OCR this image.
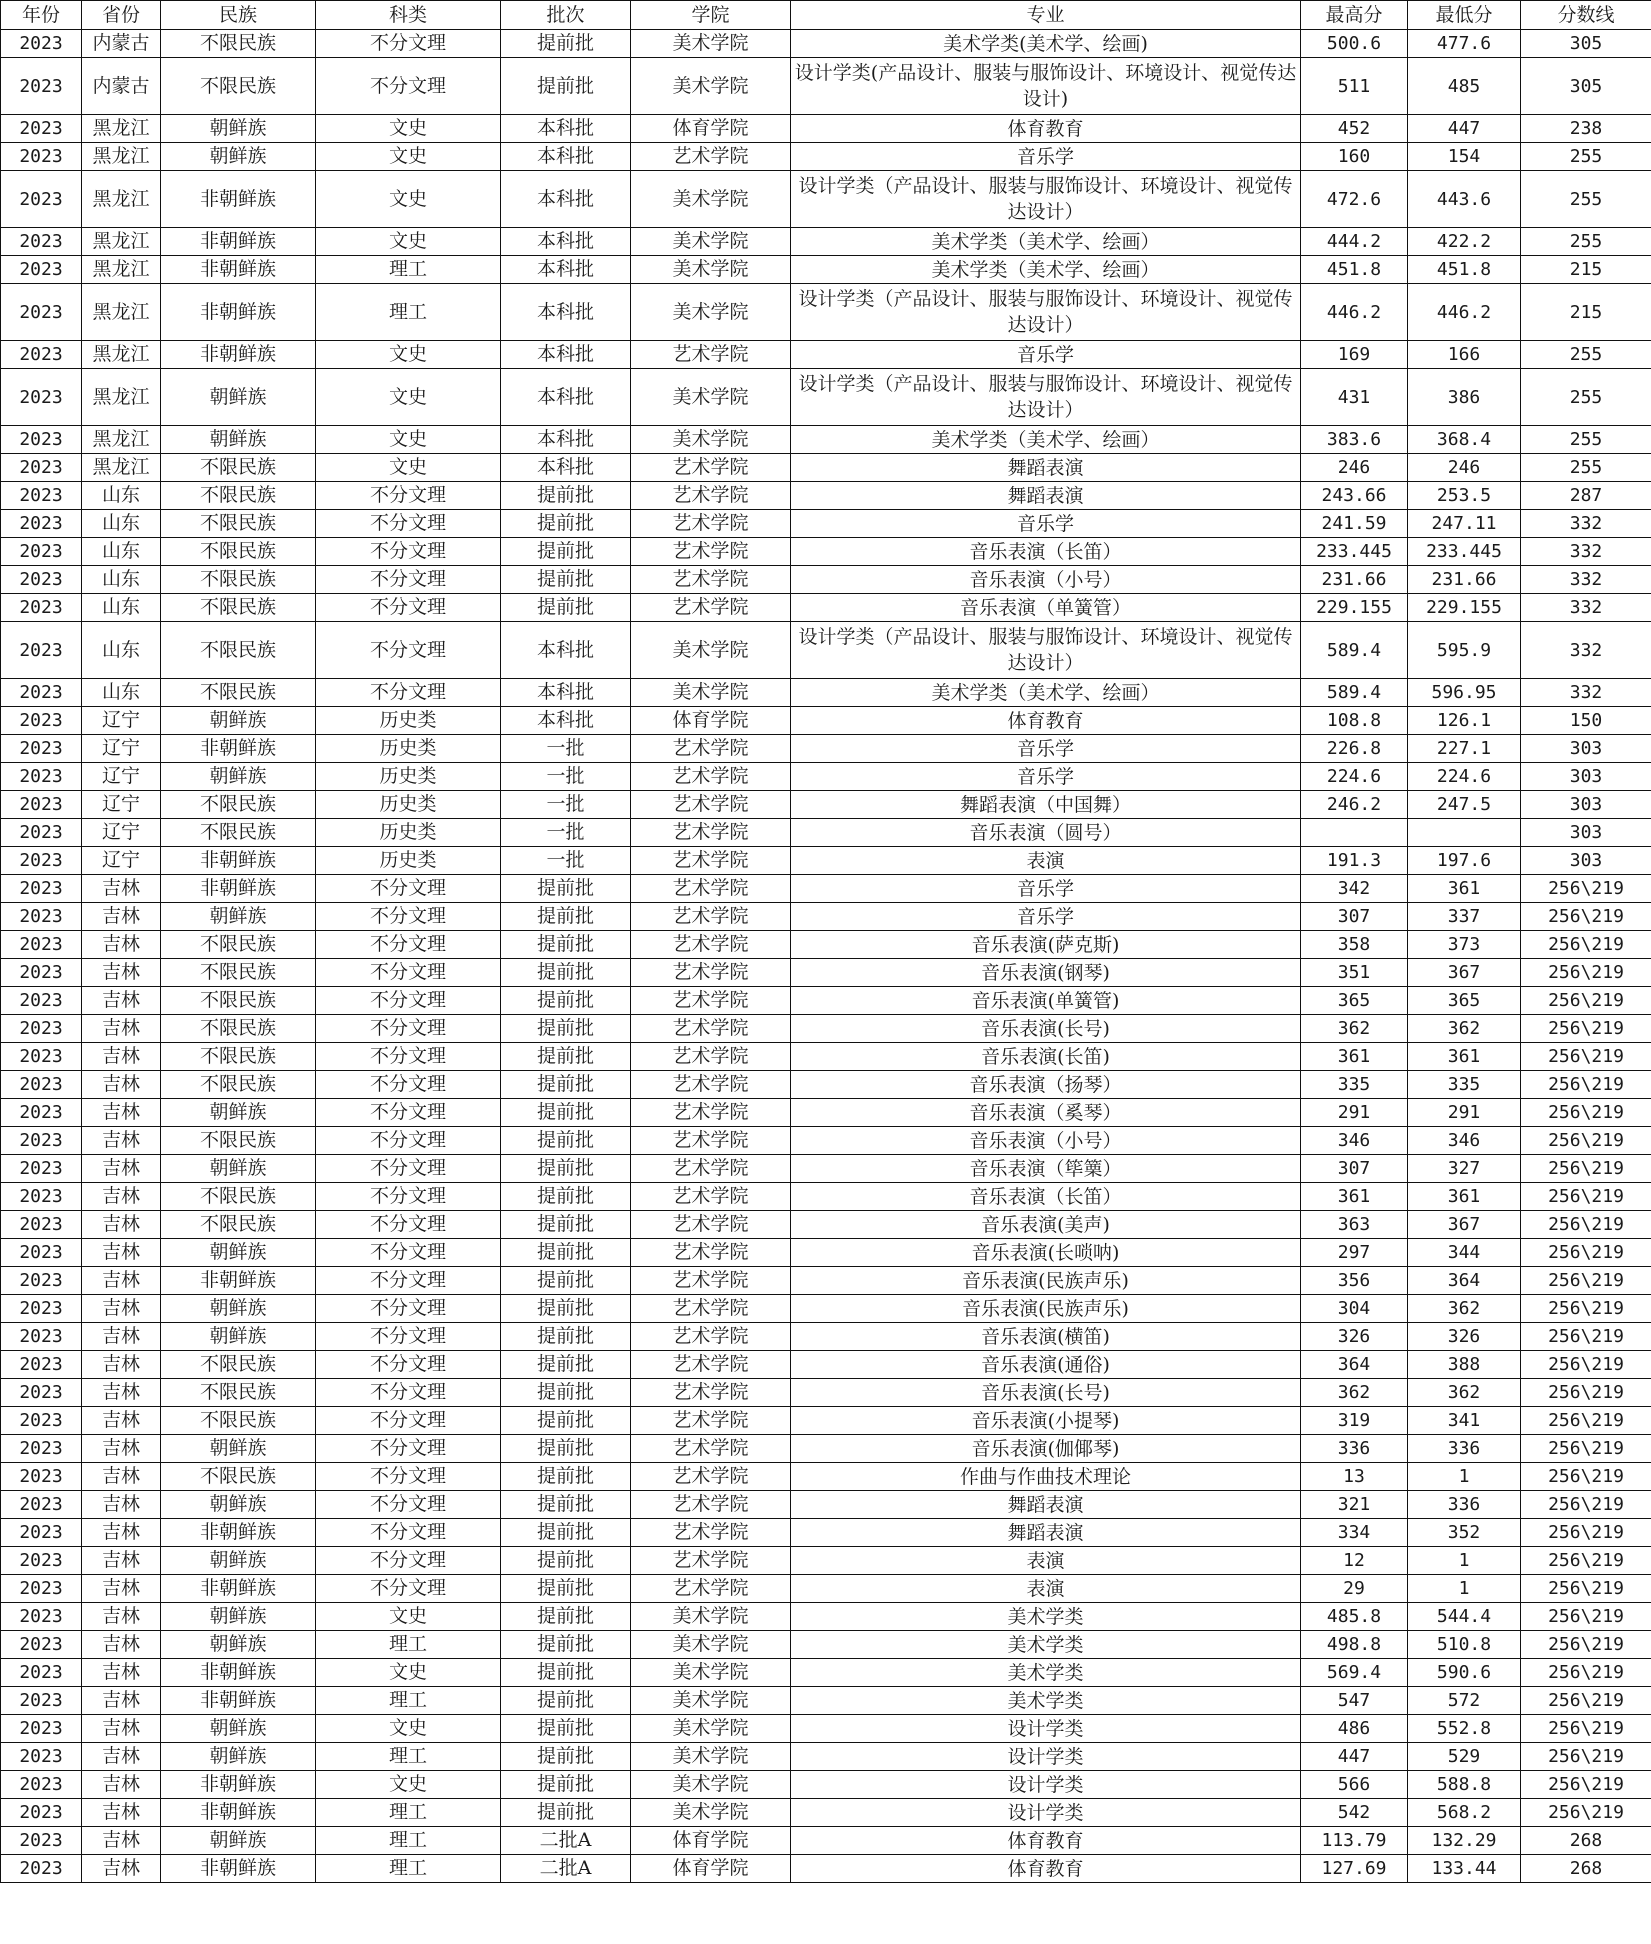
年份	省份	民族	科类	批次	学院	专业	最高分	最低分	分数线
2023	内蒙古	不限民族	不分文理	提前批	美术学院	美术学类(美术学、绘画)	500.6	477.6	305
2023	内蒙古	不限民族	不分文理	提前批	美术学院	设计学类(产品设计、服装与服饰设计、环境设计、视觉传达设计)	511	485	305
2023	黑龙江	朝鲜族	文史	本科批	体育学院	体育教育	452	447	238
2023	黑龙江	朝鲜族	文史	本科批	艺术学院	音乐学	160	154	255
2023	黑龙江	非朝鲜族	文史	本科批	美术学院	设计学类（产品设计、服装与服饰设计、环境设计、视觉传达设计）	472.6	443.6	255
2023	黑龙江	非朝鲜族	文史	本科批	美术学院	美术学类（美术学、绘画）	444.2	422.2	255
2023	黑龙江	非朝鲜族	理工	本科批	美术学院	美术学类（美术学、绘画）	451.8	451.8	215
2023	黑龙江	非朝鲜族	理工	本科批	美术学院	设计学类（产品设计、服装与服饰设计、环境设计、视觉传达设计）	446.2	446.2	215
2023	黑龙江	非朝鲜族	文史	本科批	艺术学院	音乐学	169	166	255
2023	黑龙江	朝鲜族	文史	本科批	美术学院	设计学类（产品设计、服装与服饰设计、环境设计、视觉传达设计）	431	386	255
2023	黑龙江	朝鲜族	文史	本科批	美术学院	美术学类（美术学、绘画）	383.6	368.4	255
2023	黑龙江	不限民族	文史	本科批	艺术学院	舞蹈表演	246	246	255
2023	山东	不限民族	不分文理	提前批	艺术学院	舞蹈表演	243.66	253.5	287
2023	山东	不限民族	不分文理	提前批	艺术学院	音乐学	241.59	247.11	332
2023	山东	不限民族	不分文理	提前批	艺术学院	音乐表演（长笛）	233.445	233.445	332
2023	山东	不限民族	不分文理	提前批	艺术学院	音乐表演（小号）	231.66	231.66	332
2023	山东	不限民族	不分文理	提前批	艺术学院	音乐表演（单簧管）	229.155	229.155	332
2023	山东	不限民族	不分文理	本科批	美术学院	设计学类（产品设计、服装与服饰设计、环境设计、视觉传达设计）	589.4	595.9	332
2023	山东	不限民族	不分文理	本科批	美术学院	美术学类（美术学、绘画）	589.4	596.95	332
2023	辽宁	朝鲜族	历史类	本科批	体育学院	体育教育	108.8	126.1	150
2023	辽宁	非朝鲜族	历史类	一批	艺术学院	音乐学	226.8	227.1	303
2023	辽宁	朝鲜族	历史类	一批	艺术学院	音乐学	224.6	224.6	303
2023	辽宁	不限民族	历史类	一批	艺术学院	舞蹈表演（中国舞）	246.2	247.5	303
2023	辽宁	不限民族	历史类	一批	艺术学院	音乐表演（圆号）			303
2023	辽宁	非朝鲜族	历史类	一批	艺术学院	表演	191.3	197.6	303
2023	吉林	非朝鲜族	不分文理	提前批	艺术学院	音乐学	342	361	256\219
2023	吉林	朝鲜族	不分文理	提前批	艺术学院	音乐学	307	337	256\219
2023	吉林	不限民族	不分文理	提前批	艺术学院	音乐表演(萨克斯)	358	373	256\219
2023	吉林	不限民族	不分文理	提前批	艺术学院	音乐表演(钢琴)	351	367	256\219
2023	吉林	不限民族	不分文理	提前批	艺术学院	音乐表演(单簧管)	365	365	256\219
2023	吉林	不限民族	不分文理	提前批	艺术学院	音乐表演(长号)	362	362	256\219
2023	吉林	不限民族	不分文理	提前批	艺术学院	音乐表演(长笛)	361	361	256\219
2023	吉林	不限民族	不分文理	提前批	艺术学院	音乐表演（扬琴）	335	335	256\219
2023	吉林	朝鲜族	不分文理	提前批	艺术学院	音乐表演（奚琴）	291	291	256\219
2023	吉林	不限民族	不分文理	提前批	艺术学院	音乐表演（小号）	346	346	256\219
2023	吉林	朝鲜族	不分文理	提前批	艺术学院	音乐表演（筚篥）	307	327	256\219
2023	吉林	不限民族	不分文理	提前批	艺术学院	音乐表演（长笛）	361	361	256\219
2023	吉林	不限民族	不分文理	提前批	艺术学院	音乐表演(美声)	363	367	256\219
2023	吉林	朝鲜族	不分文理	提前批	艺术学院	音乐表演(长唢呐)	297	344	256\219
2023	吉林	非朝鲜族	不分文理	提前批	艺术学院	音乐表演(民族声乐)	356	364	256\219
2023	吉林	朝鲜族	不分文理	提前批	艺术学院	音乐表演(民族声乐)	304	362	256\219
2023	吉林	朝鲜族	不分文理	提前批	艺术学院	音乐表演(横笛)	326	326	256\219
2023	吉林	不限民族	不分文理	提前批	艺术学院	音乐表演(通俗)	364	388	256\219
2023	吉林	不限民族	不分文理	提前批	艺术学院	音乐表演(长号)	362	362	256\219
2023	吉林	不限民族	不分文理	提前批	艺术学院	音乐表演(小提琴)	319	341	256\219
2023	吉林	朝鲜族	不分文理	提前批	艺术学院	音乐表演(伽倻琴)	336	336	256\219
2023	吉林	不限民族	不分文理	提前批	艺术学院	作曲与作曲技术理论	13	1	256\219
2023	吉林	朝鲜族	不分文理	提前批	艺术学院	舞蹈表演	321	336	256\219
2023	吉林	非朝鲜族	不分文理	提前批	艺术学院	舞蹈表演	334	352	256\219
2023	吉林	朝鲜族	不分文理	提前批	艺术学院	表演	12	1	256\219
2023	吉林	非朝鲜族	不分文理	提前批	艺术学院	表演	29	1	256\219
2023	吉林	朝鲜族	文史	提前批	美术学院	美术学类	485.8	544.4	256\219
2023	吉林	朝鲜族	理工	提前批	美术学院	美术学类	498.8	510.8	256\219
2023	吉林	非朝鲜族	文史	提前批	美术学院	美术学类	569.4	590.6	256\219
2023	吉林	非朝鲜族	理工	提前批	美术学院	美术学类	547	572	256\219
2023	吉林	朝鲜族	文史	提前批	美术学院	设计学类	486	552.8	256\219
2023	吉林	朝鲜族	理工	提前批	美术学院	设计学类	447	529	256\219
2023	吉林	非朝鲜族	文史	提前批	美术学院	设计学类	566	588.8	256\219
2023	吉林	非朝鲜族	理工	提前批	美术学院	设计学类	542	568.2	256\219
2023	吉林	朝鲜族	理工	二批A	体育学院	体育教育	113.79	132.29	268
2023	吉林	非朝鲜族	理工	二批A	体育学院	体育教育	127.69	133.44	268
